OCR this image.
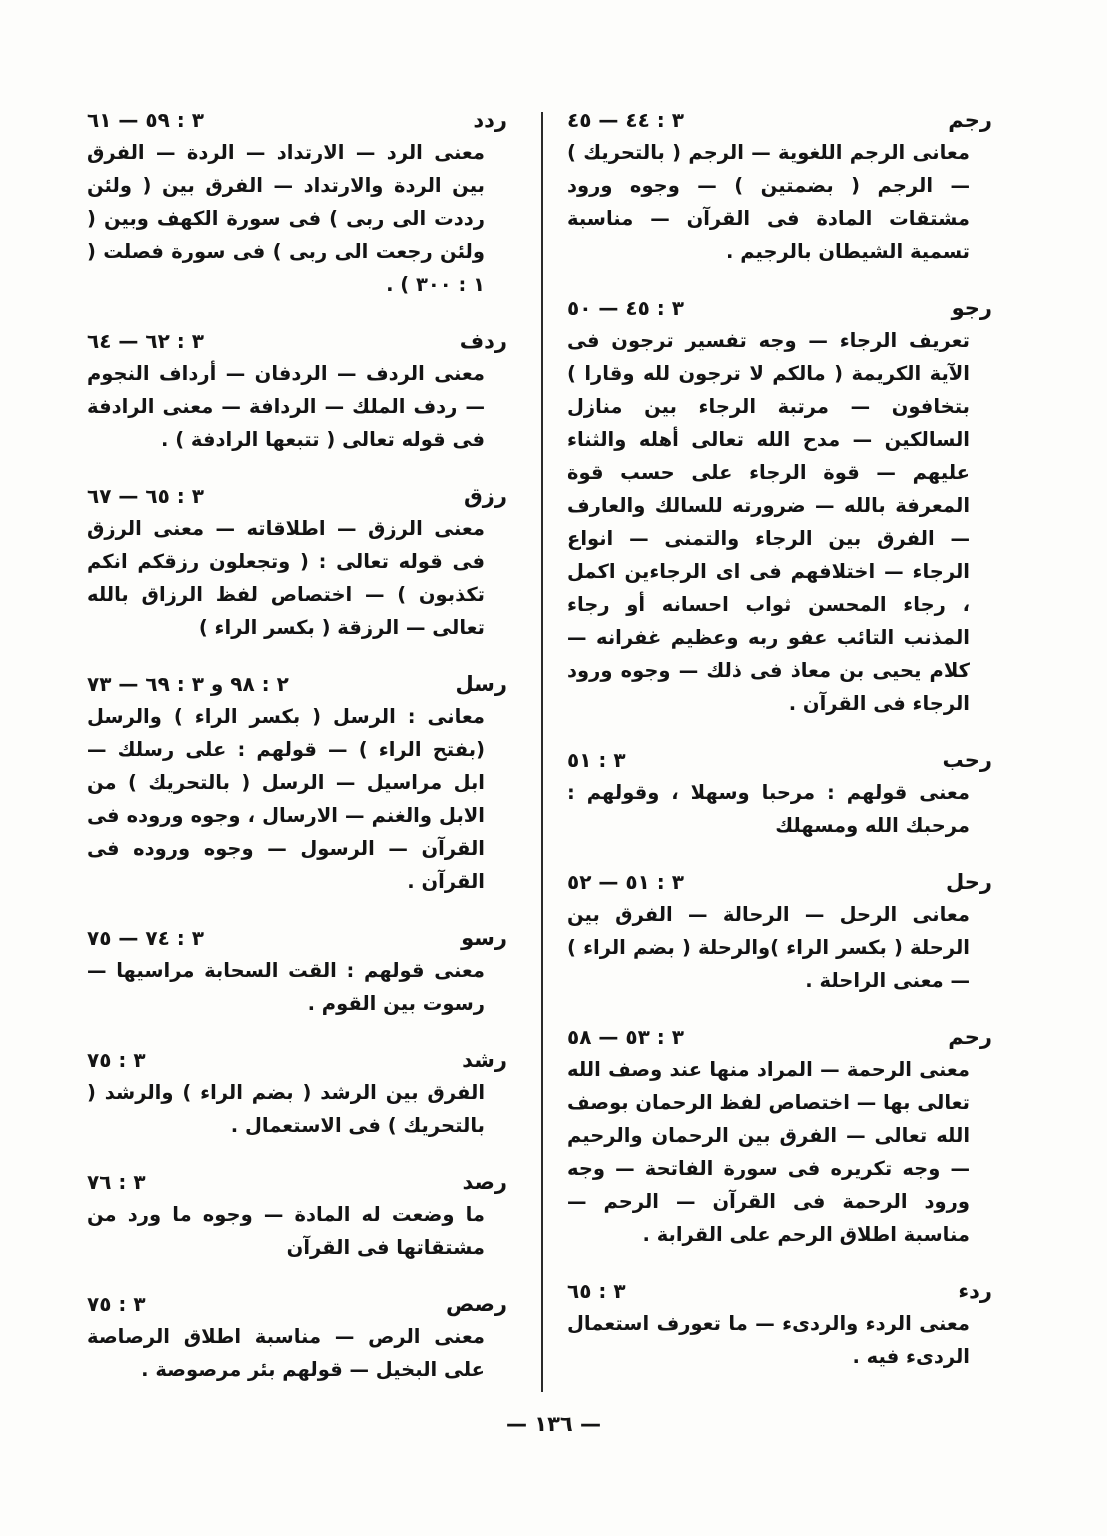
رجم
٣ : ٤٤ — ٤٥
معانى الرجم اللغوية — الرجم ( بالتحريك ) — الرجم ( بضمتين ) — وجوه ورود مشتقات المادة فى القرآن — مناسبة تسمية الشيطان بالرجيم .
رجو
٣ : ٤٥ — ٥٠
تعريف الرجاء — وجه تفسير ترجون فى الآية الكريمة ( مالكم لا ترجون لله وقارا ) بتخافون — مرتبة الرجاء بين منازل السالكين — مدح الله تعالى أهله والثناء عليهم — قوة الرجاء على حسب قوة المعرفة بالله — ضرورته للسالك والعارف — الفرق بين الرجاء والتمنى — انواع الرجاء — اختلافهم فى اى الرجاءين اكمل ، رجاء المحسن ثواب احسانه أو رجاء المذنب التائب عفو ربه وعظيم غفرانه — كلام يحيى بن معاذ فى ذلك — وجوه ورود الرجاء فى القرآن .
رحب
٣ : ٥١
معنى قولهم : مرحبا وسهلا ، وقولهم : مرحبك الله ومسهلك
رحل
٣ : ٥١ — ٥٢
معانى الرحل — الرحالة — الفرق بين الرحلة ( بكسر الراء )والرحلة ( بضم الراء ) — معنى الراحلة .
رحم
٣ : ٥٣ — ٥٨
معنى الرحمة — المراد منها عند وصف الله تعالى بها — اختصاص لفظ الرحمان بوصف الله تعالى — الفرق بين الرحمان والرحيم — وجه تكريره فى سورة الفاتحة — وجه ورود الرحمة فى القرآن — الرحم — مناسبة اطلاق الرحم على القرابة .
ردء
٣ : ٦٥
معنى الردء والردىء — ما تعورف استعمال الردىء فيه .
ردد
٣ : ٥٩ — ٦١
معنى الرد — الارتداد — الردة — الفرق بين الردة والارتداد — الفرق بين ( ولئن رددت الى ربى ) فى سورة الكهف وبين ( ولئن رجعت الى ربى ) فى سورة فصلت ( ١ : ٣٠٠ ) .
ردف
٣ : ٦٢ — ٦٤
معنى الردف — الردفان — أرداف النجوم — ردف الملك — الردافة — معنى الرادفة فى قوله تعالى ( تتبعها الرادفة ) .
رزق
٣ : ٦٥ — ٦٧
معنى الرزق — اطلاقاته — معنى الرزق فى قوله تعالى : ( وتجعلون رزقكم انكم تكذبون ) — اختصاص لفظ الرزاق بالله تعالى — الرزقة ( بكسر الراء )
رسل
٢ : ٩٨ و ٣ : ٦٩ — ٧٣
معانى : الرسل ( بكسر الراء ) والرسل (بفتح الراء ) — قولهم : على رسلك — ابل مراسيل — الرسل ( بالتحريك ) من الابل والغنم — الارسال ، وجوه وروده فى القرآن — الرسول — وجوه وروده فى القرآن .
رسو
٣ : ٧٤ — ٧٥
معنى قولهم : القت السحابة مراسيها — رسوت بين القوم .
رشد
٣ : ٧٥
الفرق بين الرشد ( بضم الراء ) والرشد ( بالتحريك ) فى الاستعمال .
رصد
٣ : ٧٦
ما وضعت له المادة — وجوه ما ورد من مشتقاتها فى القرآن
رصص
٣ : ٧٥
معنى الرص — مناسبة اطلاق الرصاصة على البخيل — قولهم بئر مرصوصة .
— ١٣٦ —
